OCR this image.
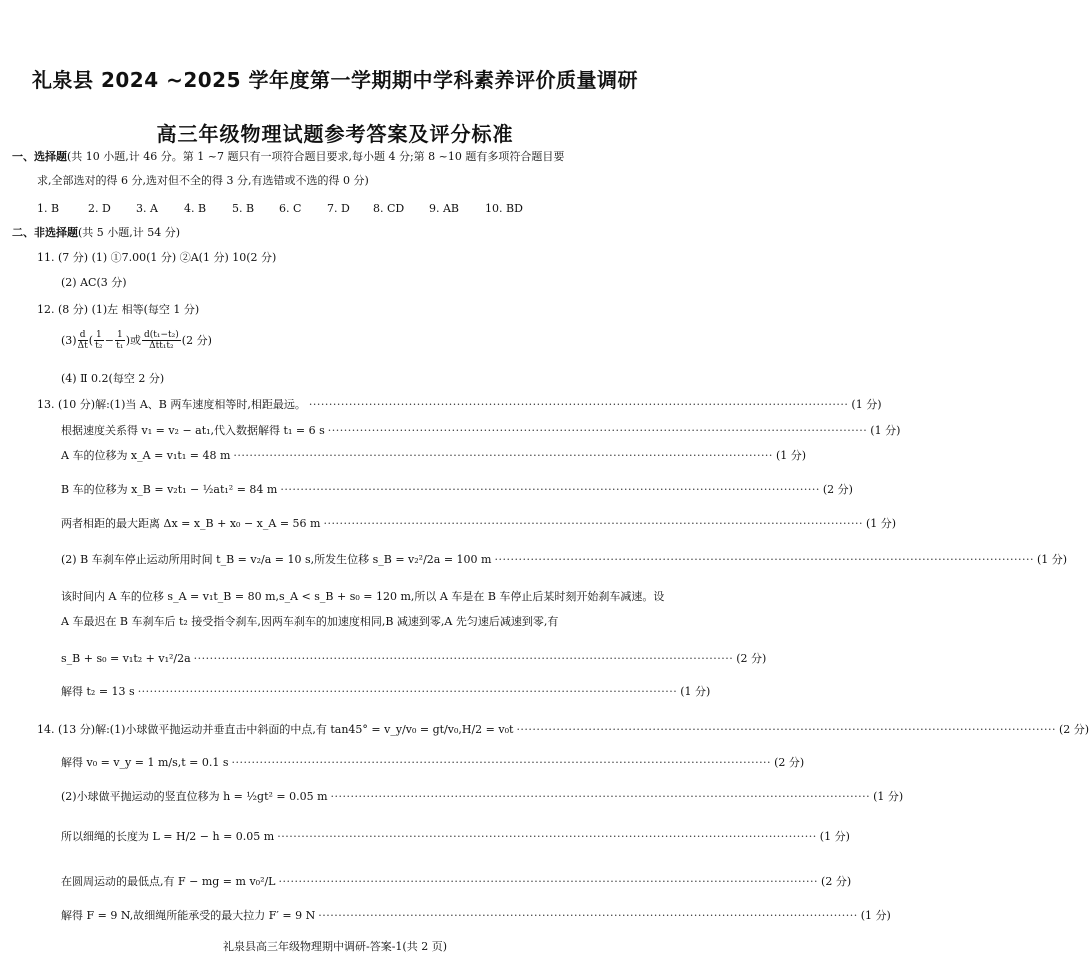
礼泉县 2024 ~2025 学年度第一学期期中学科素养评价质量调研
高三年级物理试题参考答案及评分标准
一、选择题(共 10 小题,计 46 分。第 1 ~7 题只有一项符合题目要求,每小题 4 分;第 8 ~10 题有多项符合题目要
求,全部选对的得 6 分,选对但不全的得 3 分,有选错或不选的得 0 分)
1. B	2. D 3. A 4. B 5. B 6. C 7. D 8. CD 9. AB 10. BD
二、非选择题(共 5 小题,计 54 分)
11. (7 分) (1) ①7.00(1 分) ②A(1 分) 10(2 分)
(2) AC(3 分)
12. (8 分) (1)左 相等(每空 1 分)
$(3) \frac{d}{\Delta t}$ ( $\frac{1}{\text{t₂}} - \frac{1}{\text{t₁}}$ )或 $\frac{\text{d(t₁−t₂)}}{\text{Δtt₁t₂}} (2$ 分)
(4) Ⅱ 0.2(每空 2 分)
13. (10 分)解:(1)当 A、B 两车速度相等时,相距最远。 ······································································································································· (1 分)
根据速度关系得 v₁ = v₂ − at₁,代入数据解得 t₁ = 6 s ······································································································································· (1 分)
A 车的位移为 x_A = v₁t₁ = 48 m ······································································································································· (1 分)
B 车的位移为 x_B = v₂t₁ − ½at₁² = 84 m ······································································································································· (2 分)
两者相距的最大距离 Δx = x_B + x₀ − x_A = 56 m ······································································································································· (1 分)
(2) B 车刹车停止运动所用时间 t_B = v₂/a = 10 s,所发生位移 s_B = v₂²/2a = 100 m ······································································································································· (1 分)
该时间内 A 车的位移 s_A = v₁t_B = 80 m,s_A < s_B + s₀ = 120 m,所以 A 车是在 B 车停止后某时刻开始刹车减速。设
A 车最迟在 B 车刹车后 t₂ 接受指令刹车,因两车刹车的加速度相同,B 减速到零,A 先匀速后减速到零,有
s_B + s₀ = v₁t₂ + v₁²/2a ······································································································································· (2 分)
解得 t₂ = 13 s ······································································································································· (1 分)
14. (13 分)解:(1)小球做平抛运动并垂直击中斜面的中点,有 tan45° = v_y/v₀ = gt/v₀,H/2 = v₀t ······································································································································· (2 分)
解得 v₀ = v_y = 1 m/s,t = 0.1 s ······································································································································· (2 分)
(2)小球做平抛运动的竖直位移为 h = ½gt² = 0.05 m ······································································································································· (1 分)
所以细绳的长度为 L = H/2 − h = 0.05 m ······································································································································· (1 分)
在圆周运动的最低点,有 F − mg = m v₀²/L ······································································································································· (2 分)
解得 F = 9 N,故细绳所能承受的最大拉力 F′ = 9 N ······································································································································· (1 分)
礼泉县高三年级物理期中调研-答案-1(共 2 页)
